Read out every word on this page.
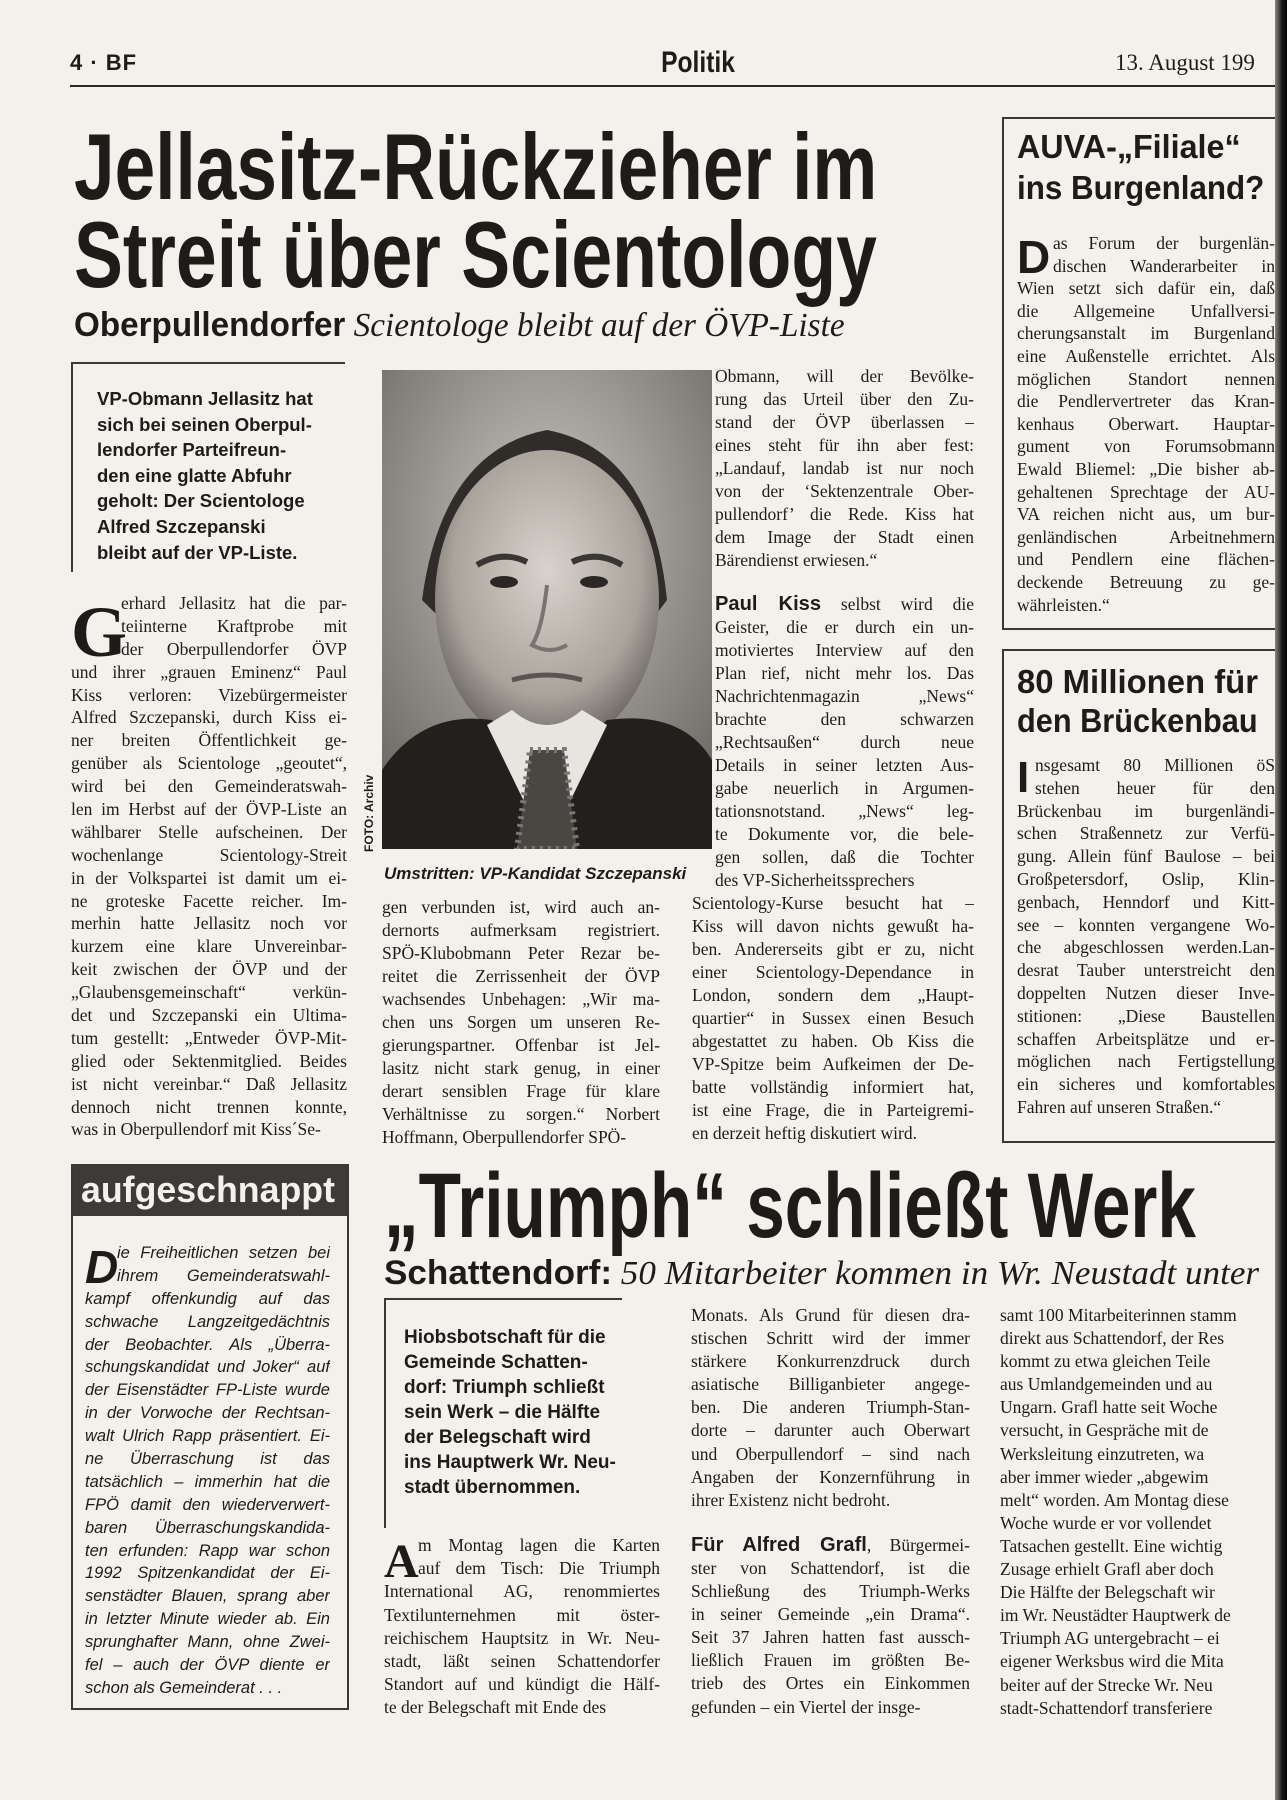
4 · BF	Politik	13. August 199
Jellasitz-Rückzieher im
Streit über Scientology
Oberpullendorfer Scientologe bleibt auf der ÖVP-Liste
VP-Obmann Jellasitz hat
sich bei seinen Oberpul-
lendorfer Parteifreun-
den eine glatte Abfuhr
geholt: Der Scientologe
Alfred Szczepanski
bleibt auf der VP-Liste.
G
erhard Jellasitz hat die par-
teiinterne Kraftprobe mit
der Oberpullendorfer ÖVP
und ihrer „grauen Eminenz“ Paul
Kiss verloren: Vizebürgermeister
Alfred Szczepanski, durch Kiss ei-
ner breiten Öffentlichkeit ge-
genüber als Scientologe „geoutet“,
wird bei den Gemeinderatswah-
len im Herbst auf der ÖVP-Liste an
wählbarer Stelle aufscheinen. Der
wochenlange Scientology-Streit
in der Volkspartei ist damit um ei-
ne groteske Facette reicher. Im-
merhin hatte Jellasitz noch vor
kurzem eine klare Unvereinbar-
keit zwischen der ÖVP und der
„Glaubensgemeinschaft“ verkün-
det und Szczepanski ein Ultima-
tum gestellt: „Entweder ÖVP-Mit-
glied oder Sektenmitglied. Beides
ist nicht vereinbar.“ Daß Jellasitz
dennoch nicht trennen konnte,
was in Oberpullendorf mit Kiss´Se-
FOTO: Archiv
Umstritten: VP-Kandidat Szczepanski
gen verbunden ist, wird auch an-
dernorts aufmerksam registriert.
SPÖ-Klubobmann Peter Rezar be-
reitet die Zerrissenheit der ÖVP
wachsendes Unbehagen: „Wir ma-
chen uns Sorgen um unseren Re-
gierungspartner. Offenbar ist Jel-
lasitz nicht stark genug, in einer
derart sensiblen Frage für klare
Verhältnisse zu sorgen.“ Norbert
Hoffmann, Oberpullendorfer SPÖ-
Obmann, will der Bevölke-
rung das Urteil über den Zu-
stand der ÖVP überlassen –
eines steht für ihn aber fest:
„Landauf, landab ist nur noch
von der ‘Sektenzentrale Ober-
pullendorf’ die Rede. Kiss hat
dem Image der Stadt einen
Bärendienst erwiesen.“
Paul Kiss selbst wird die
Geister, die er durch ein un-
motiviertes Interview auf den
Plan rief, nicht mehr los. Das
Nachrichtenmagazin „News“
brachte den schwarzen
„Rechtsaußen“ durch neue
Details in seiner letzten Aus-
gabe neuerlich in Argumen-
tationsnotstand. „News“ leg-
te Dokumente vor, die bele-
gen sollen, daß die Tochter
des VP-Sicherheitssprechers
Scientology-Kurse besucht hat –
Kiss will davon nichts gewußt ha-
ben. Andererseits gibt er zu, nicht
einer Scientology-Dependance in
London, sondern dem „Haupt-
quartier“ in Sussex einen Besuch
abgestattet zu haben. Ob Kiss die
VP-Spitze beim Aufkeimen der De-
batte vollständig informiert hat,
ist eine Frage, die in Parteigremi-
en derzeit heftig diskutiert wird.
AUVA-„Filiale“
ins Burgenland?
D as Forum der burgenlän-
dischen Wanderarbeiter in
Wien setzt sich dafür ein, daß
die Allgemeine Unfallversi-
cherungsanstalt im Burgenland
eine Außenstelle errichtet. Als
möglichen Standort nennen
die Pendlervertreter das Kran-
kenhaus Oberwart. Hauptar-
gument von Forumsobmann
Ewald Bliemel: „Die bisher ab-
gehaltenen Sprechtage der AU-
VA reichen nicht aus, um bur-
genländischen Arbeitnehmern
und Pendlern eine flächen-
deckende Betreuung zu ge-
währleisten.“
80 Millionen für
den Brückenbau
I nsgesamt 80 Millionen öS
stehen heuer für den
Brückenbau im burgenländi-
schen Straßennetz zur Verfü-
gung. Allein fünf Baulose – bei
Großpetersdorf, Oslip, Klin-
genbach, Henndorf und Kitt-
see – konnten vergangene Wo-
che abgeschlossen werden.Lan-
desrat Tauber unterstreicht den
doppelten Nutzen dieser Inve-
stitionen: „Diese Baustellen
schaffen Arbeitsplätze und er-
möglichen nach Fertigstellung
ein sicheres und komfortables
Fahren auf unseren Straßen.“
aufgeschnappt
D
ie Freiheitlichen setzen bei
ihrem Gemeinderatswahl-
kampf offenkundig auf das
schwache Langzeitgedächtnis
der Beobachter. Als „Überra-
schungskandidat und Joker“ auf
der Eisenstädter FP-Liste wurde
in der Vorwoche der Rechtsan-
walt Ulrich Rapp präsentiert. Ei-
ne Überraschung ist das
tatsächlich – immerhin hat die
FPÖ damit den wiederverwert-
baren Überraschungskandida-
ten erfunden: Rapp war schon
1992 Spitzenkandidat der Ei-
senstädter Blauen, sprang aber
in letzter Minute wieder ab. Ein
sprunghafter Mann, ohne Zwei-
fel – auch der ÖVP diente er
schon als Gemeinderat . . .
„Triumph“ schließt Werk
Schattendorf: 50 Mitarbeiter kommen in Wr. Neustadt unter
Hiobsbotschaft für die
Gemeinde Schatten-
dorf: Triumph schließt
sein Werk – die Hälfte
der Belegschaft wird
ins Hauptwerk Wr. Neu-
stadt übernommen.
A m Montag lagen die Karten
auf dem Tisch: Die Triumph
International AG, renommiertes
Textilunternehmen mit öster-
reichischem Hauptsitz in Wr. Neu-
stadt, läßt seinen Schattendorfer
Standort auf und kündigt die Hälf-
te der Belegschaft mit Ende des
Monats. Als Grund für diesen dra-
stischen Schritt wird der immer
stärkere Konkurrenzdruck durch
asiatische Billiganbieter angege-
ben. Die anderen Triumph-Stan-
dorte – darunter auch Oberwart
und Oberpullendorf – sind nach
Angaben der Konzernführung in
ihrer Existenz nicht bedroht.
Für Alfred Grafl, Bürgermei-
ster von Schattendorf, ist die
Schließung des Triumph-Werks
in seiner Gemeinde „ein Drama“.
Seit 37 Jahren hatten fast aussch-
ließlich Frauen im größten Be-
trieb des Ortes ein Einkommen
gefunden – ein Viertel der insge-
samt 100 Mitarbeiterinnen stamm
direkt aus Schattendorf, der Res
kommt zu etwa gleichen Teile
aus Umlandgemeinden und au
Ungarn. Grafl hatte seit Woche
versucht, in Gespräche mit de
Werksleitung einzutreten, wa
aber immer wieder „abgewim
melt“ worden. Am Montag diese
Woche wurde er vor vollendet
Tatsachen gestellt. Eine wichtig
Zusage erhielt Grafl aber doch
Die Hälfte der Belegschaft wir
im Wr. Neustädter Hauptwerk de
Triumph AG untergebracht – ei
eigener Werksbus wird die Mita
beiter auf der Strecke Wr. Neu
stadt-Schattendorf transferiere
